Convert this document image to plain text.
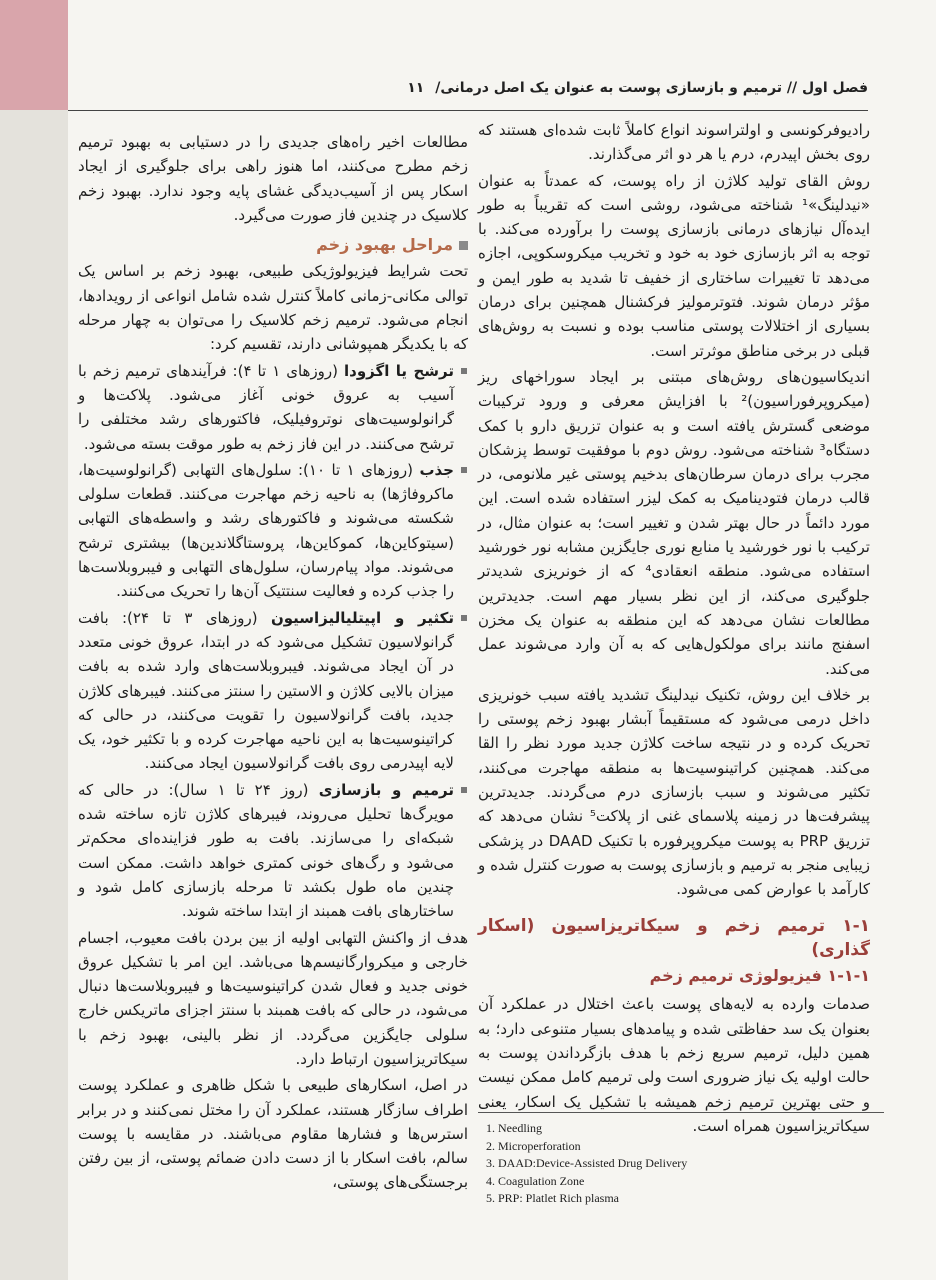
فصل اول // ترمیم و بازسازی پوست به عنوان یک اصل درمانی/ ۱۱

رادیوفرکونسی و اولتراسوند انواع کاملاً ثابت شده‌ای هستند که روی بخش اپیدرم، درم یا هر دو اثر می‌گذارند.

روش القای تولید کلاژن از راه پوست، که عمدتاً به عنوان «نیدلینگ»¹ شناخته می‌شود، روشی است که تقریباً به طور ایده‌آل نیازهای درمانی بازسازی پوست را برآورده می‌کند. با توجه به اثر بازسازی خود به خود و تخریب میکروسکوپی، اجازه می‌دهد تا تغییرات ساختاری از خفیف تا شدید به طور ایمن و مؤثر درمان شوند. فتوترمولیز فرکشنال همچنین برای درمان بسیاری از اختلالات پوستی مناسب بوده و نسبت به روش‌های قبلی در برخی مناطق موثرتر است.

اندیکاسیون‌های روش‌های مبتنی بر ایجاد سوراخهای ریز (میکروپرفوراسیون)² با افزایش معرفی و ورود ترکیبات موضعی گسترش یافته است و به عنوان تزریق دارو با کمک دستگاه³ شناخته می‌شود. روش دوم با موفقیت توسط پزشکان مجرب برای درمان سرطان‌های بدخیم پوستی غیر ملانومی، در قالب درمان فتودینامیک به کمک لیزر استفاده شده است. این مورد دائماً در حال بهتر شدن و تغییر است؛ به عنوان مثال، در ترکیب با نور خورشید یا منابع نوری جایگزین مشابه نور خورشید استفاده می‌شود. منطقه انعقادی⁴ که از خونریزی شدیدتر جلوگیری می‌کند، از این نظر بسیار مهم است. جدیدترین مطالعات نشان می‌دهد که این منطقه به عنوان یک مخزن اسفنج مانند برای مولکول‌هایی که به آن وارد می‌شوند عمل می‌کند.

بر خلاف این روش، تکنیک نیدلینگ تشدید یافته سبب خونریزی داخل درمی می‌شود که مستقیماً آبشار بهبود زخم پوستی را تحریک کرده و در نتیجه ساخت کلاژن جدید مورد نظر را القا می‌کند. همچنین کراتینوسیت‌ها به منطقه مهاجرت می‌کنند، تکثیر می‌شوند و سبب بازسازی درم می‌گردند. جدیدترین پیشرفت‌ها در زمینه پلاسمای غنی از پلاکت⁵ نشان می‌دهد که تزریق PRP به پوست میکروپرفوره با تکنیک DAAD در پزشکی زیبایی منجر به ترمیم و بازسازی پوست به صورت کنترل شده و کارآمد با عوارض کمی می‌شود.

۱-۱ ترمیم زخم و سیکاتریزاسیون (اسکار گذاری)
۱-۱-۱ فیزیولوژی ترمیم زخم

صدمات وارده به لایه‌های پوست باعث اختلال در عملکرد آن بعنوان یک سد حفاظتی شده و پیامدهای بسیار متنوعی دارد؛ به همین دلیل، ترمیم سریع زخم با هدف بازگرداندن پوست به حالت اولیه یک نیاز ضروری است ولی ترمیم کامل ممکن نیست و حتی بهترین ترمیم زخم همیشه با تشکیل یک اسکار، یعنی سیکاتریزاسیون همراه است.

مطالعات اخیر راه‌های جدیدی را در دستیابی به بهبود ترمیم زخم مطرح می‌کنند، اما هنوز راهی برای جلوگیری از ایجاد اسکار پس از آسیب‌دیدگی غشای پایه وجود ندارد. بهبود زخم کلاسیک در چندین فاز صورت می‌گیرد.

مراحل بهبود زخم

تحت شرایط فیزیولوژیکی طبیعی، بهبود زخم بر اساس یک توالی مکانی-زمانی کاملاً کنترل شده شامل انواعی از رویدادها، انجام می‌شود. ترمیم زخم کلاسیک را می‌توان به چهار مرحله که با یکدیگر همپوشانی دارند، تقسیم کرد:

ترشح یا اگزودا (روزهای ۱ تا ۴): فرآیندهای ترمیم زخم با آسیب به عروق خونی آغاز می‌شود. پلاکت‌ها و گرانولوسیت‌های نوتروفیلیک، فاکتورهای رشد مختلفی را ترشح می‌کنند. در این فاز زخم به طور موقت بسته می‌شود.

جذب (روزهای ۱ تا ۱۰): سلول‌های التهابی (گرانولوسیت‌ها، ماکروفاژها) به ناحیه زخم مهاجرت می‌کنند. قطعات سلولی شکسته می‌شوند و فاکتورهای رشد و واسطه‌های التهابی (سیتوکاین‌ها، کموکاین‌ها، پروستاگلاندین‌ها) بیشتری ترشح می‌شوند. مواد پیام‌رسان، سلول‌های التهابی و فیبروبلاست‌ها را جذب کرده و فعالیت سنتتیک آن‌ها را تحریک می‌کنند.

تکثیر و اپیتلیالیزاسیون (روزهای ۳ تا ۲۴): بافت گرانولاسیون تشکیل می‌شود که در ابتدا، عروق خونی متعدد در آن ایجاد می‌شوند. فیبروبلاست‌های وارد شده به بافت میزان بالایی کلاژن و الاستین را سنتز می‌کنند. فیبرهای کلاژن جدید، بافت گرانولاسیون را تقویت می‌کنند، در حالی که کراتینوسیت‌ها به این ناحیه مهاجرت کرده و با تکثیر خود، یک لایه اپیدرمی روی بافت گرانولاسیون ایجاد می‌کنند.

ترمیم و بازسازی (روز ۲۴ تا ۱ سال): در حالی که مویرگ‌ها تحلیل می‌روند، فیبرهای کلاژن تازه ساخته شده شبکه‌ای را می‌سازند. بافت به طور فزاینده‌ای محکم‌تر می‌شود و رگ‌های خونی کمتری خواهد داشت. ممکن است چندین ماه طول بکشد تا مرحله بازسازی کامل شود و ساختارهای بافت همبند از ابتدا ساخته شوند.

هدف از واکنش التهابی اولیه از بین بردن بافت معیوب، اجسام خارجی و میکروارگانیسم‌ها می‌باشد. این امر با تشکیل عروق خونی جدید و فعال شدن کراتینوسیت‌ها و فیبروبلاست‌ها دنبال می‌شود، در حالی که بافت همبند با سنتز اجزای ماتریکس خارج سلولی جایگزین می‌گردد. از نظر بالینی، بهبود زخم با سیکاتریزاسیون ارتباط دارد.

در اصل، اسکارهای طبیعی با شکل ظاهری و عملکرد پوست اطراف سازگار هستند، عملکرد آن را مختل نمی‌کنند و در برابر استرس‌ها و فشارها مقاوم می‌باشند. در مقایسه با پوست سالم، بافت اسکار با از دست دادن ضمائم پوستی، از بین رفتن برجستگی‌های پوستی،

1. Needling
2. Microperforation
3. DAAD:Device-Assisted Drug Delivery
4. Coagulation Zone
5. PRP: Platlet Rich plasma
